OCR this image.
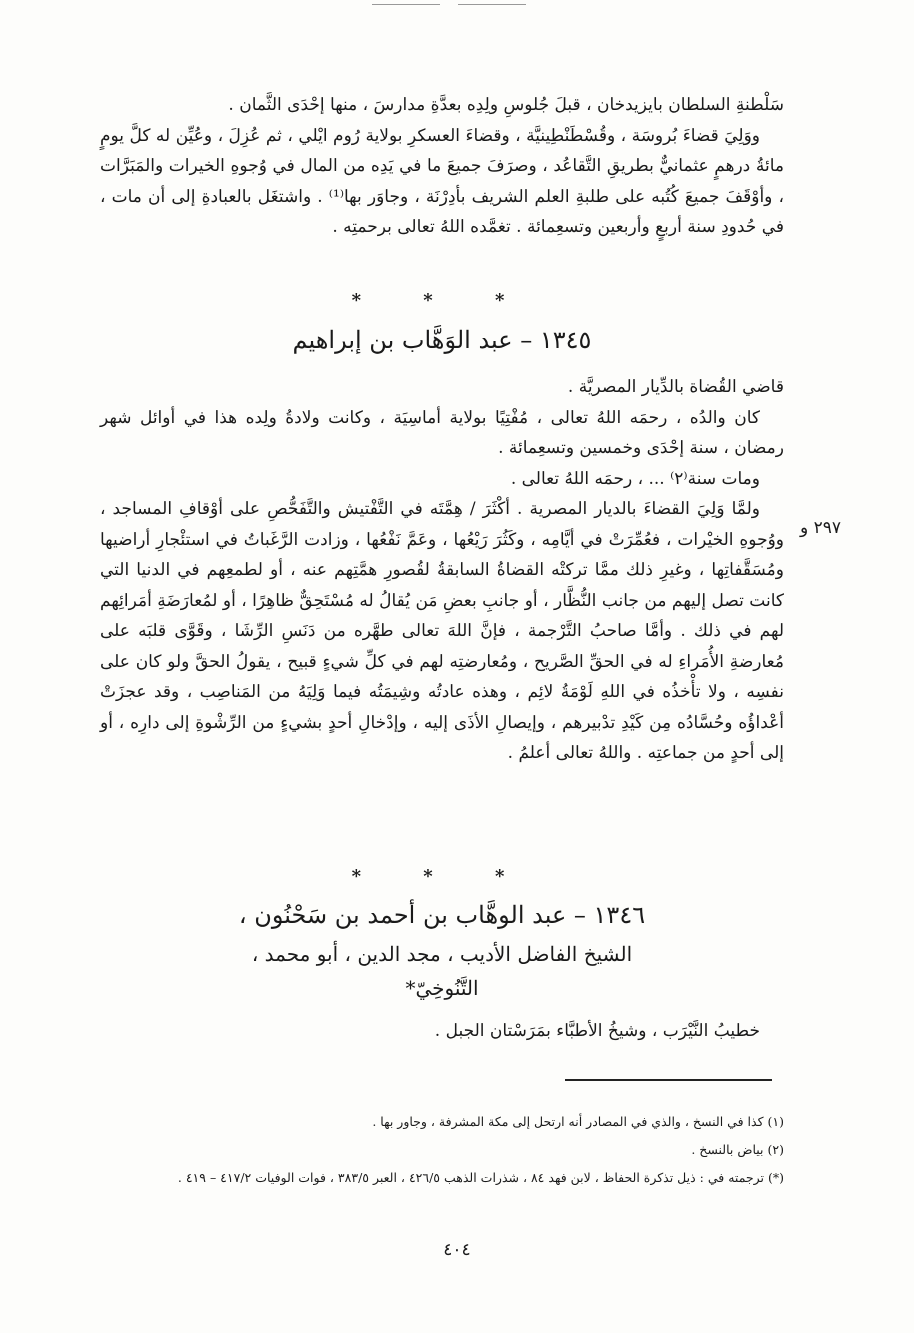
سَلْطنةِ السلطان بايزيدخان ، قبلَ جُلوسِ ولِدِه بعدَّةِ مدارسَ ، منها إحْدَى الثَّمان .

ووَلِيَ قضاءَ بُروسَة ، وقُسْطَنْطِينيَّة ، وقضاءَ العسكرِ بولاية رُوم ايْلي ، ثم عُزِلَ ، وعُيِّن له كلَّ يومٍ مائةُ درهمٍ عثمانيٌّ بطريقِ التَّقاعُد ، وصرَفَ جميعَ ما في يَدِه من المال في وُجوهِ الخيرات والمَبَرَّات ، وأوْقَفَ جميعَ كُتُبه على طلبةِ العلم الشريف بأدِرْنَة ، وجاوَر بها⁽¹⁾ . واشتغَل بالعبادةِ إلى أن مات ، في حُدودِ سنة أربعٍ وأربعين وتسعِمائة . تغمَّده اللهُ تعالى برحمتِه .

* * *
١٣٤٥ – عبد الوَهَّاب بن إبراهيم

قاضي القُضاة بالدِّيار المصريَّة .

كان والدُه ، رحمَه اللهُ تعالى ، مُفْتِيًا بولاية أماسِيَة ، وكانت ولادةُ ولِده هذا في أوائل شهر رمضان ، سنة إحْدَى وخمسين وتسعِمائة .

ومات سنة⁽٢⁾ ... ، رحمَه اللهُ تعالى .

ولمَّا وَلِيَ القضاءَ بالديار المصرية . أكْثَرَ / هِمَّتَه في التَّفْتيش والتَّفَحُّصِ على أوْقافِ المساجد ، ووُجوهِ الخيْرات ، فعُمِّرَتْ في أيَّامِه ، وكَثُرَ رَيْعُها ، وعَمَّ نَفْعُها ، وزادت الرَّغَباتُ في استئْجارِ أراضيها ومُسَقَّفاتِها ، وغيرِ ذلك ممَّا تركتْه القضاةُ السابقةُ لقُصورِ همَّتِهم عنه ، أو لطمعِهم في الدنيا التي كانت تصل إليهم من جانب النُّظَّار ، أو جانبِ بعضِ مَن يُقالُ له مُسْتَحِقٌّ ظاهِرًا ، أو لمُعارَضَةِ أمَرائِهم لهم في ذلك . وأمَّا صاحبُ التَّرْجمة ، فإنَّ اللهَ تعالى طهَّره من دَنَسِ الرِّشَا ، وقَوَّى قلبَه على مُعارضةِ الأُمَراءِ له في الحقِّ الصَّريح ، ومُعارضتِه لهم في كلِّ شيءٍ قبيح ، يقولُ الحقَّ ولو كان على نفسِه ، ولا تأْخذُه في اللهِ لَوْمَةُ لائِم ، وهذه عادتُه وشِيمَتُه فيما وَلِيَهُ من المَناصِب ، وقد عجزَتْ أعْداؤُه وحُسَّادُه مِن كَيْدِ تدْبيرهم ، وإيصالِ الأذَى إليه ، وإدْخالِ أحدٍ بشيءٍ من الرِّشْوةِ إلى دارِه ، أو إلى أحدٍ من جماعتِه . واللهُ تعالى أعلمُ .

٢٩٧ و
* * *
١٣٤٦ – عبد الوهَّاب بن أحمد بن سَحْنُون ،
الشيخ الفاضل الأديب ، مجد الدين ، أبو محمد ،
التَّنُوخِيّ*

خطيبُ النَّيْرَب ، وشيخُ الأطبَّاء بمَرَسْتان الجبل .

(١) كذا في النسخ ، والذي في المصادر أنه ارتحل إلى مكة المشرفة ، وجاور بها .

(٢) بياض بالنسخ .

(*) ترجمته في : ذيل تذكرة الحفاظ ، لابن فهد ٨٤ ، شذرات الذهب ٤٢٦/٥ ، العبر ٣٨٣/٥ ، فوات الوفيات ٤١٧/٢ – ٤١٩ .

٤٠٤
